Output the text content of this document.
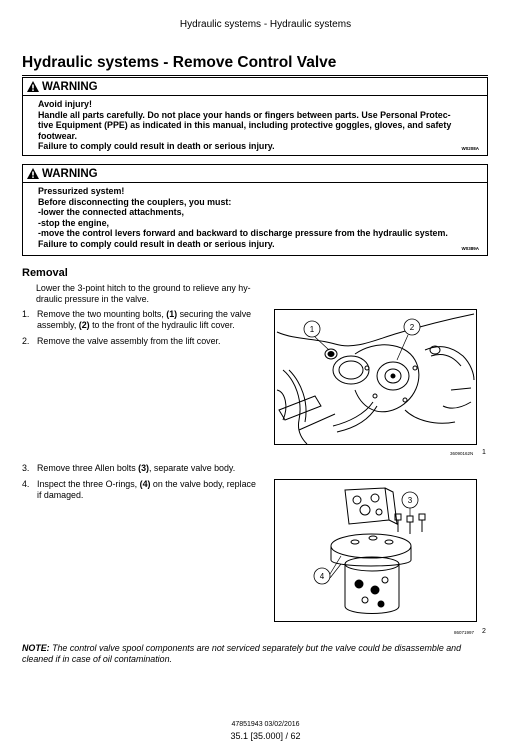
Hydraulic systems - Hydraulic systems
Hydraulic systems - Remove Control Valve
WARNING
Avoid injury!
Handle all parts carefully. Do not place your hands or fingers between parts. Use Personal Protec-
tive Equipment (PPE) as indicated in this manual, including protective goggles, gloves, and safety
footwear.
Failure to comply could result in death or serious injury.	W0208A
WARNING
Pressurized system!
Before disconnecting the couplers, you must:
-lower the connected attachments,
-stop the engine,
-move the control levers forward and backward to discharge pressure from the hydraulic system.
Failure to comply could result in death or serious injury.	W0389A
Removal
Lower the 3-point hitch to the ground to relieve any hy-
draulic pressure in the valve.
1. Remove the two mounting bolts, (1) securing the valve
assembly, (2) to the front of the hydraulic lift cover.
2. Remove the valve assembly from the lift cover.
3. Remove three Allen bolts (3), separate valve body.
4. Inspect the three O-rings, (4) on the valve body, replace
if damaged.
1	2
36090162N 1
3
4
86071997 2
NOTE: The control valve spool components are not serviced separately but the valve could be disassemble and cleaned if in case of oil contamination.
47851943 03/02/2016
35.1 [35.000] / 62
